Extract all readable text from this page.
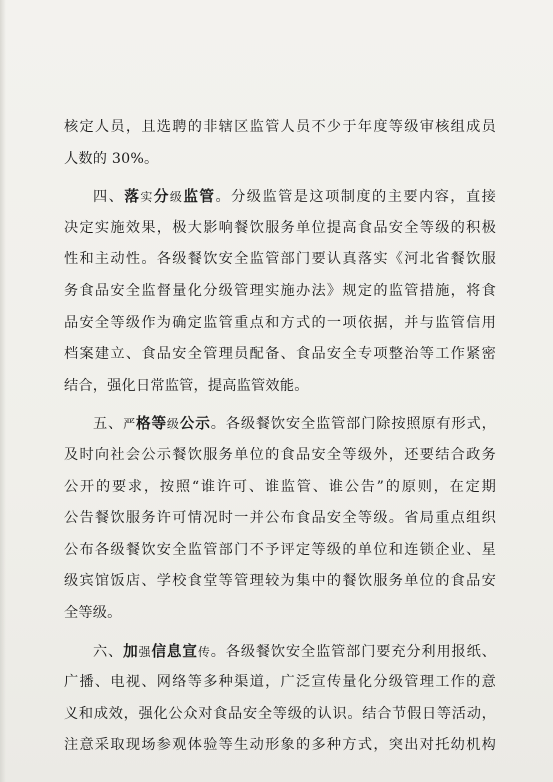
核定人员，且选聘的非辖区监管人员不少于年度等级审核组成员
人数的 30%。
四、落实分级监管。分级监管是这项制度的主要内容，直接
决定实施效果，极大影响餐饮服务单位提高食品安全等级的积极
性和主动性。各级餐饮安全监管部门要认真落实《河北省餐饮服
务食品安全监督量化分级管理实施办法》规定的监管措施，将食
品安全等级作为确定监管重点和方式的一项依据，并与监管信用
档案建立、食品安全管理员配备、食品安全专项整治等工作紧密
结合，强化日常监管，提高监管效能。
五、严格等级公示。各级餐饮安全监管部门除按照原有形式，
及时向社会公示餐饮服务单位的食品安全等级外，还要结合政务
公开的要求，按照“谁许可、谁监管、谁公告”的原则，在定期
公告餐饮服务许可情况时一并公布食品安全等级。省局重点组织
公布各级餐饮安全监管部门不予评定等级的单位和连锁企业、星
级宾馆饭店、学校食堂等管理较为集中的餐饮服务单位的食品安
全等级。
六、加强信息宣传。各级餐饮安全监管部门要充分利用报纸、
广播、电视、网络等多种渠道，广泛宣传量化分级管理工作的意
义和成效，强化公众对食品安全等级的认识。结合节假日等活动，
注意采取现场参观体验等生动形象的多种方式，突出对托幼机构
